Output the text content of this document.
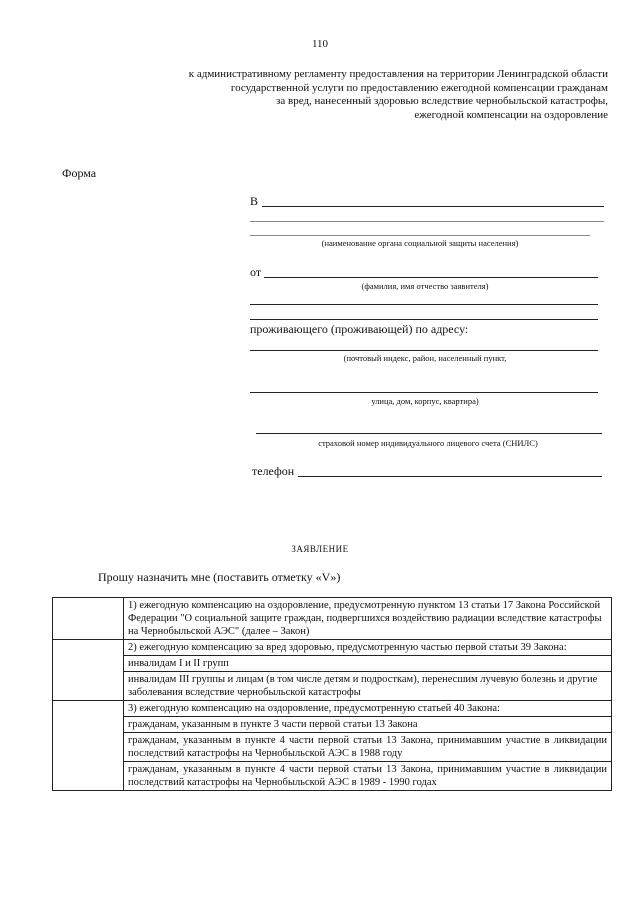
110
к административному регламенту предоставления на территории Ленинградской области
государственной услуги по предоставлению ежегодной компенсации гражданам
за вред, нанесенный здоровью вследствие чернобыльской катастрофы,
ежегодной компенсации на оздоровление
Форма
В
(наименование органа социальной защиты населения)
от
(фамилия, имя отчество заявителя)
проживающего (проживающей) по адресу:
(почтовый индекс, район, населенный пункт,
улица, дом, корпус, квартира)
страховой номер индивидуального лицевого счета (СНИЛС)
телефон
ЗАЯВЛЕНИЕ
Прошу назначить мне (поставить отметку «V»)
	1) ежегодную компенсацию на оздоровление, предусмотренную пунктом 13 статьи 17 Закона Российской Федерации "О социальной защите граждан, подвергшихся воздействию радиации вследствие катастрофы на Чернобыльской АЭС" (далее – Закон)
	2) ежегодную компенсацию за вред здоровью, предусмотренную частью первой статьи 39 Закона:
	инвалидам I и II групп
	инвалидам III группы и лицам (в том числе детям и подросткам), перенесшим лучевую болезнь и другие заболевания вследствие чернобыльской катастрофы
	3) ежегодную компенсацию на оздоровление, предусмотренную статьей 40 Закона:
	гражданам, указанным в пункте 3 части первой статьи 13 Закона
	гражданам, указанным в пункте 4 части первой статьи 13 Закона, принимавшим участие в ликвидации последствий катастрофы на Чернобыльской АЭС в 1988 году
	гражданам, указанным в пункте 4 части первой статьи 13 Закона, принимавшим участие в ликвидации последствий катастрофы на Чернобыльской АЭС в 1989 - 1990 годах
